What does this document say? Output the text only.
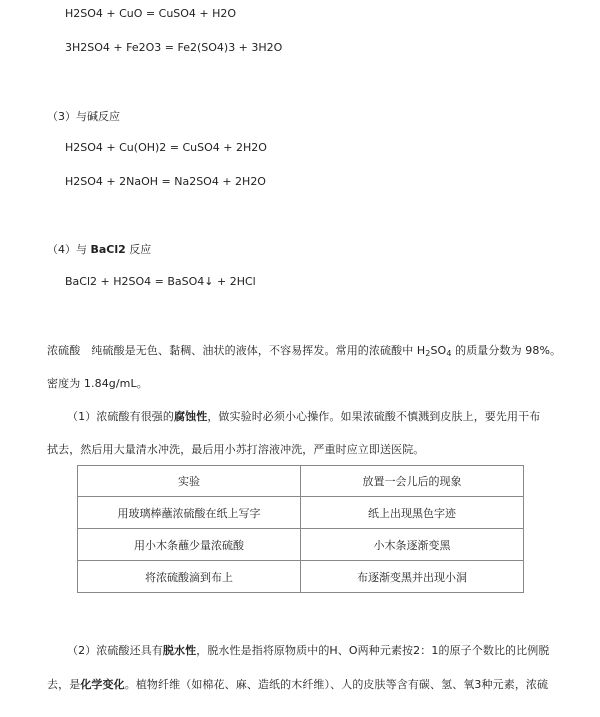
H2SO4 + CuO = CuSO4 + H2O
3H2SO4 + Fe2O3 = Fe2(SO4)3 + 3H2O
（3）与碱反应
H2SO4 + Cu(OH)2 = CuSO4 + 2H2O
H2SO4 + 2NaOH = Na2SO4 + 2H2O
（4）与 BaCl2 反应
BaCl2 + H2SO4 = BaSO4↓ + 2HCl
浓硫酸　纯硫酸是无色、黏稠、油状的液体，不容易挥发。常用的浓硫酸中 $H_2SO_4$ 的质量分数为 98%。
密度为 1.84g/mL。
（1）浓硫酸有很强的腐蚀性，做实验时必须小心操作。如果浓硫酸不慎溅到皮肤上，要先用干布
拭去，然后用大量清水冲洗，最后用小苏打溶液冲洗，严重时应立即送医院。
实验	放置一会儿后的现象
用玻璃棒蘸浓硫酸在纸上写字	纸上出现黑色字迹
用小木条蘸少量浓硫酸	小木条逐渐变黑
将浓硫酸滴到布上	布逐渐变黑并出现小洞
（2）浓硫酸还具有脱水性，脱水性是指将原物质中的H、O两种元素按2：1的原子个数比的比例脱
去，是化学变化。植物纤维（如棉花、麻、造纸的木纤维）、人的皮肤等含有碳、氢、氧3种元素，浓硫
